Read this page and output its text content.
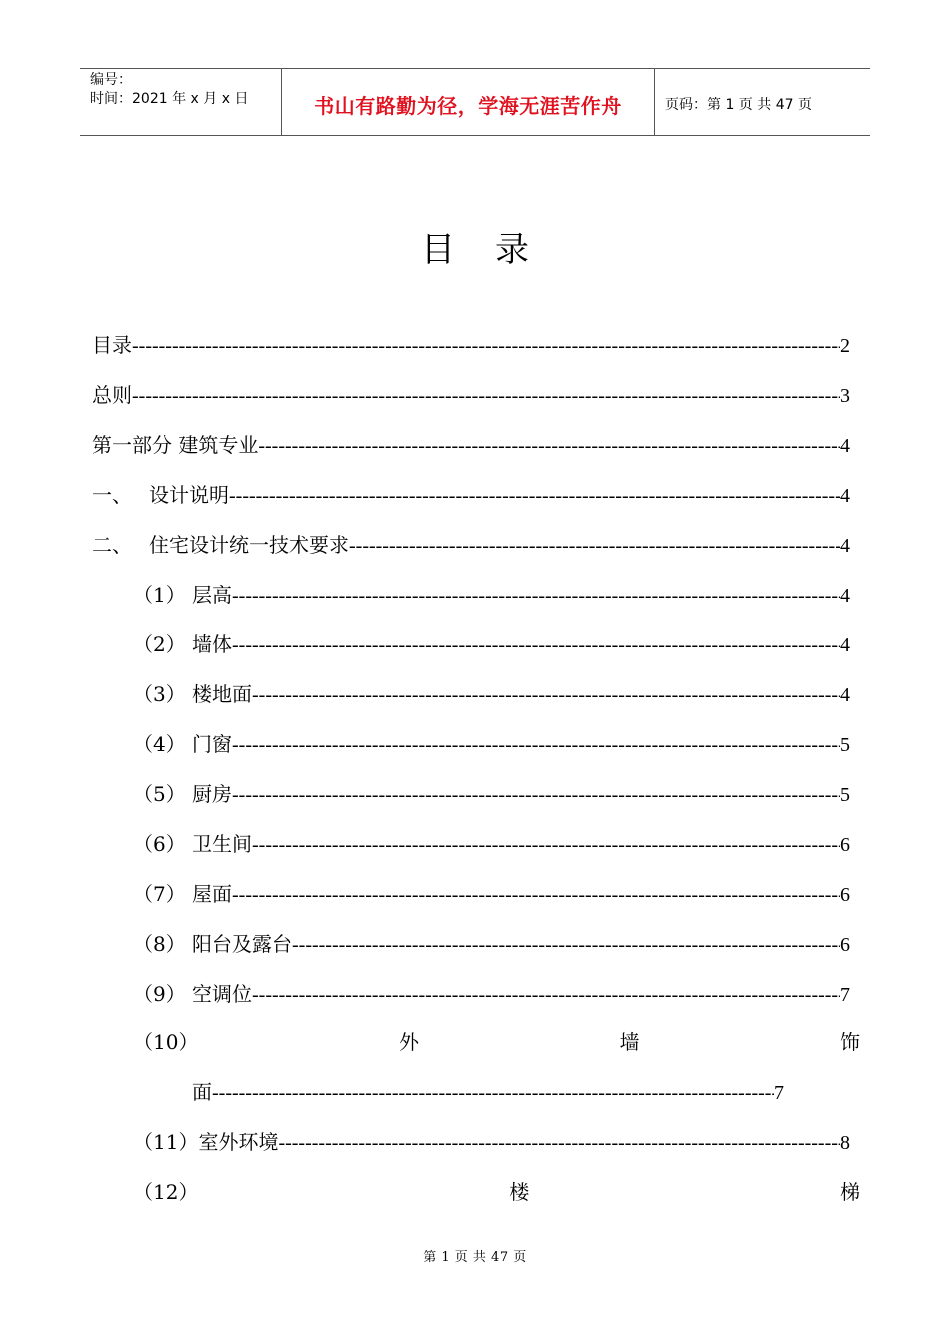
编号：
时间：2021 年 x 月 x 日	书山有路勤为径，学海无涯苦作舟	页码：第 1 页 共 47 页
目录
目录 -----	2
总则 -----	3
第一部分 建筑专业 -----	4
一、 设计说明 -----	4
二、 住宅设计统一技术要求 -----	4
（1） 层高 -----	4
（2） 墙体 -----	4
（3） 楼地面 -----	4
（4） 门窗 -----	5
（5） 厨房 -----	5
（6） 卫生间 -----	6
（7） 屋面 -----	6
（8） 阳台及露台 -----	6
（9） 空调位 -----	7
（10）	外	墙	饰
面 -----	7
（11） 室外环境 -----	8
（12）	楼	梯
第 1 页 共 47 页
